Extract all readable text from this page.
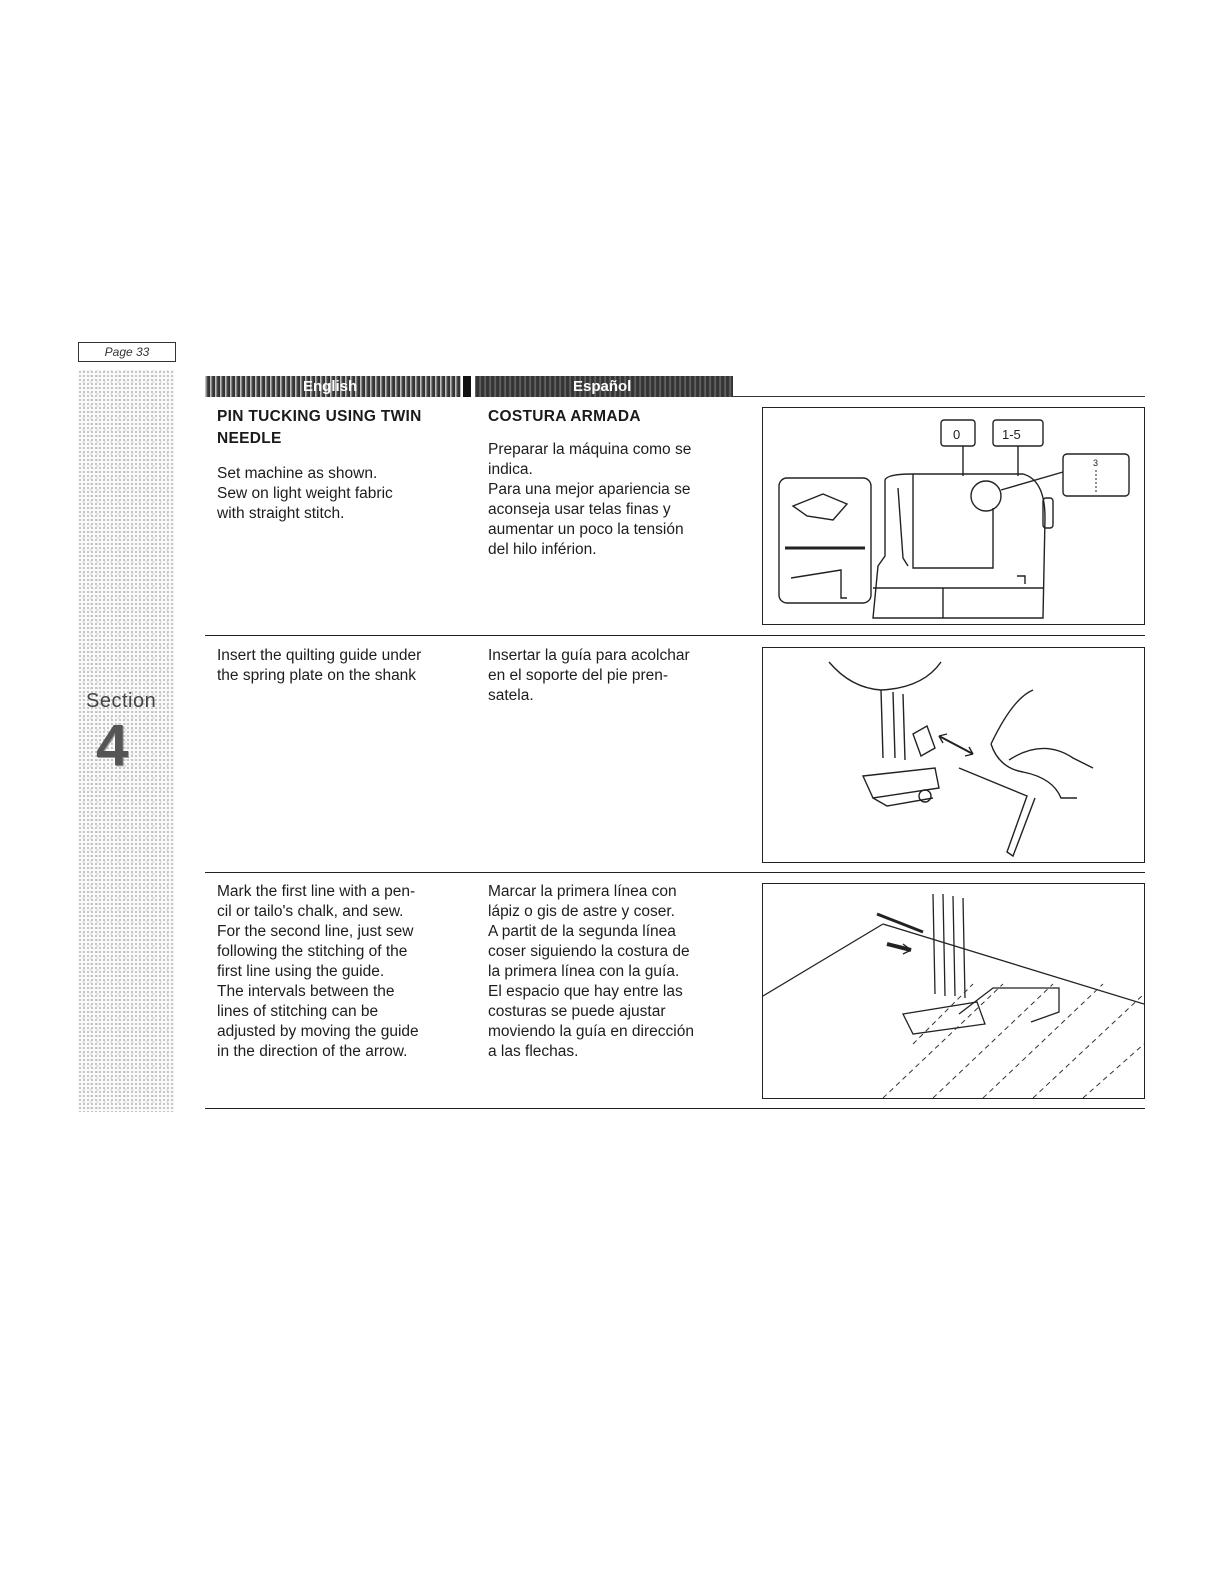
Page 33
Section
4
English	Español
PIN TUCKING USING TWIN NEEDLE
Set machine as shown.
Sew on light weight fabric
with straight stitch.
COSTURA ARMADA
Preparar la máquina como se
indica.
Para una mejor apariencia se
aconseja usar telas finas y
aumentar un poco la tensión
del hilo inférion.
0	1-5
3
Insert the quilting guide under
the spring plate on the shank
Insertar la guía para acolchar
en el soporte del pie pren-
satela.
Mark the first line with a pen-
cil or tailo's chalk, and sew.
For the second line, just sew
following the stitching of the
first line using the guide.
The intervals between the
lines of stitching can be
adjusted by moving the guide
in the direction of the arrow.
Marcar la primera línea con
lápiz o gis de astre y coser.
A partit de la segunda línea
coser siguiendo la costura de
la primera línea con la guía.
El espacio que hay entre las
costuras se puede ajustar
moviendo la guía en dirección
a las flechas.
